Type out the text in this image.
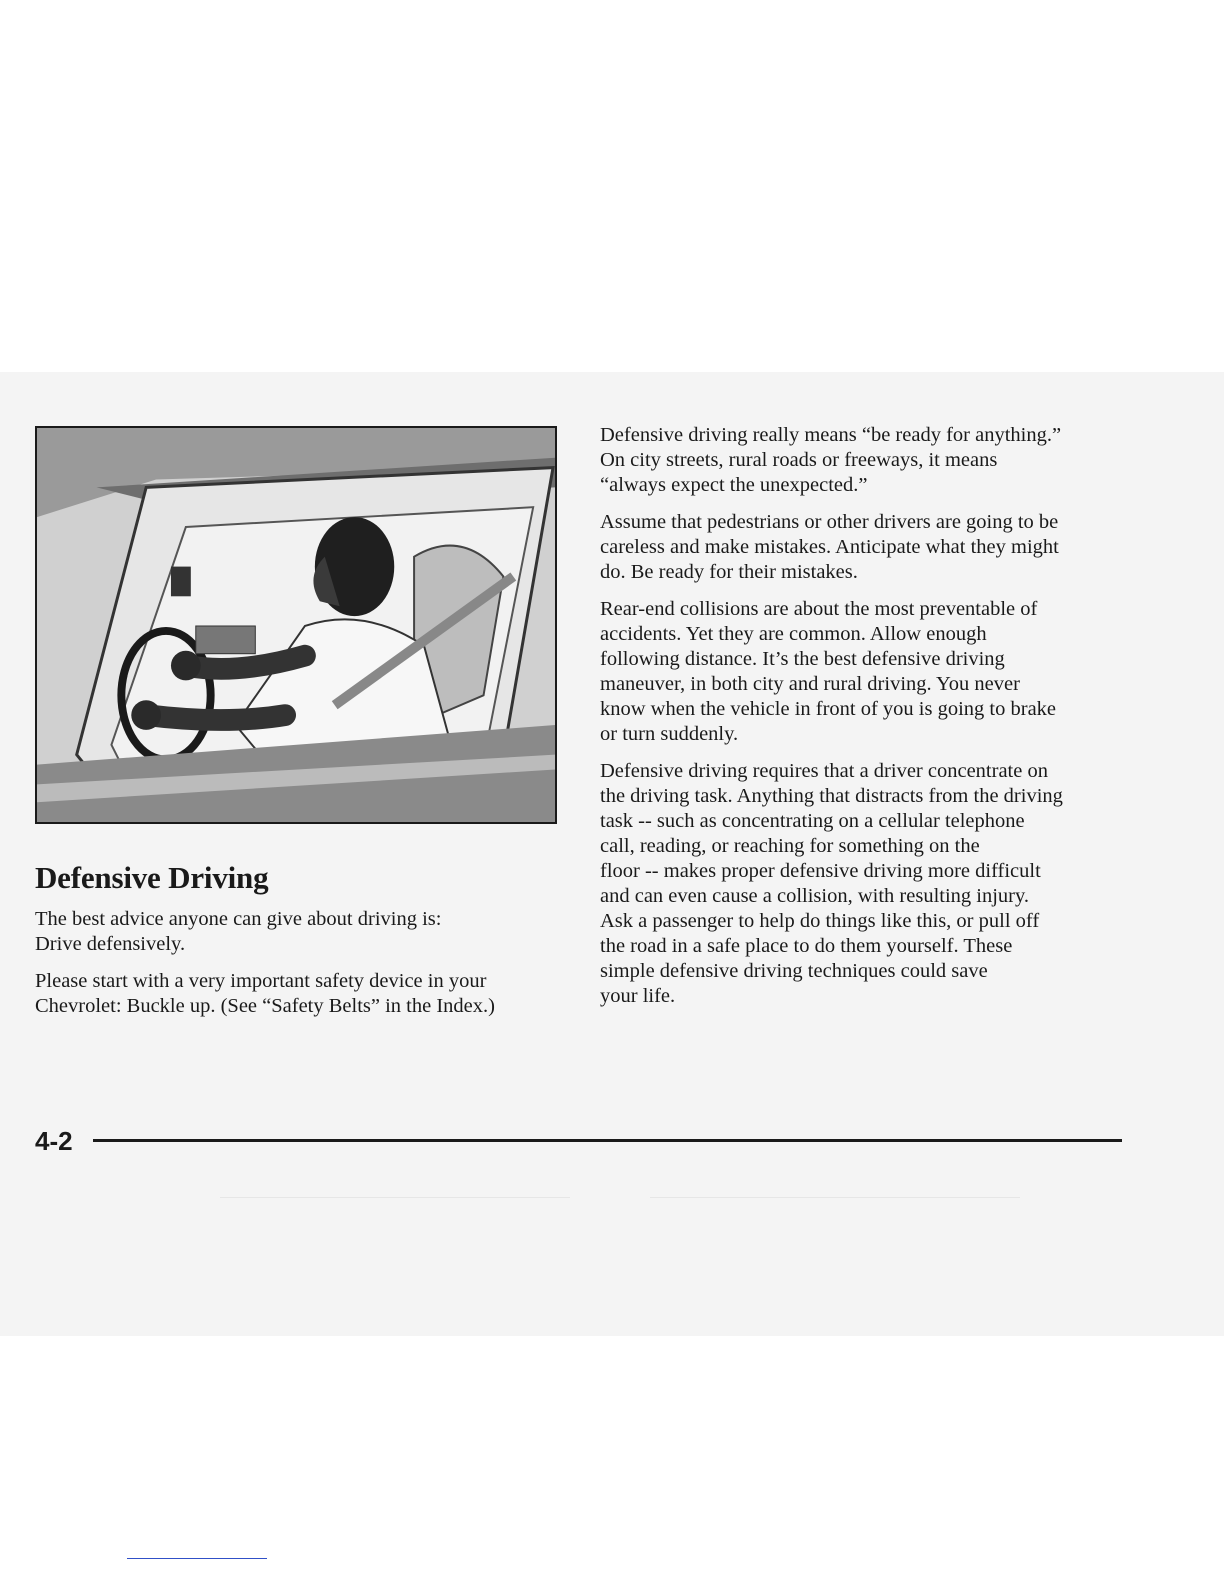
Defensive Driving

The best advice anyone can give about driving is:
Drive defensively.

Please start with a very important safety device in your
Chevrolet: Buckle up. (See “Safety Belts” in the Index.)

Defensive driving really means “be ready for anything.”
On city streets, rural roads or freeways, it means
“always expect the unexpected.”

Assume that pedestrians or other drivers are going to be
careless and make mistakes. Anticipate what they might
do. Be ready for their mistakes.

Rear-end collisions are about the most preventable of
accidents. Yet they are common. Allow enough
following distance. It’s the best defensive driving
maneuver, in both city and rural driving. You never
know when the vehicle in front of you is going to brake
or turn suddenly.

Defensive driving requires that a driver concentrate on
the driving task. Anything that distracts from the driving
task -- such as concentrating on a cellular telephone
call, reading, or reaching for something on the
floor -- makes proper defensive driving more difficult
and can even cause a collision, with resulting injury.
Ask a passenger to help do things like this, or pull off
the road in a safe place to do them yourself. These
simple defensive driving techniques could save
your life.

4-2
